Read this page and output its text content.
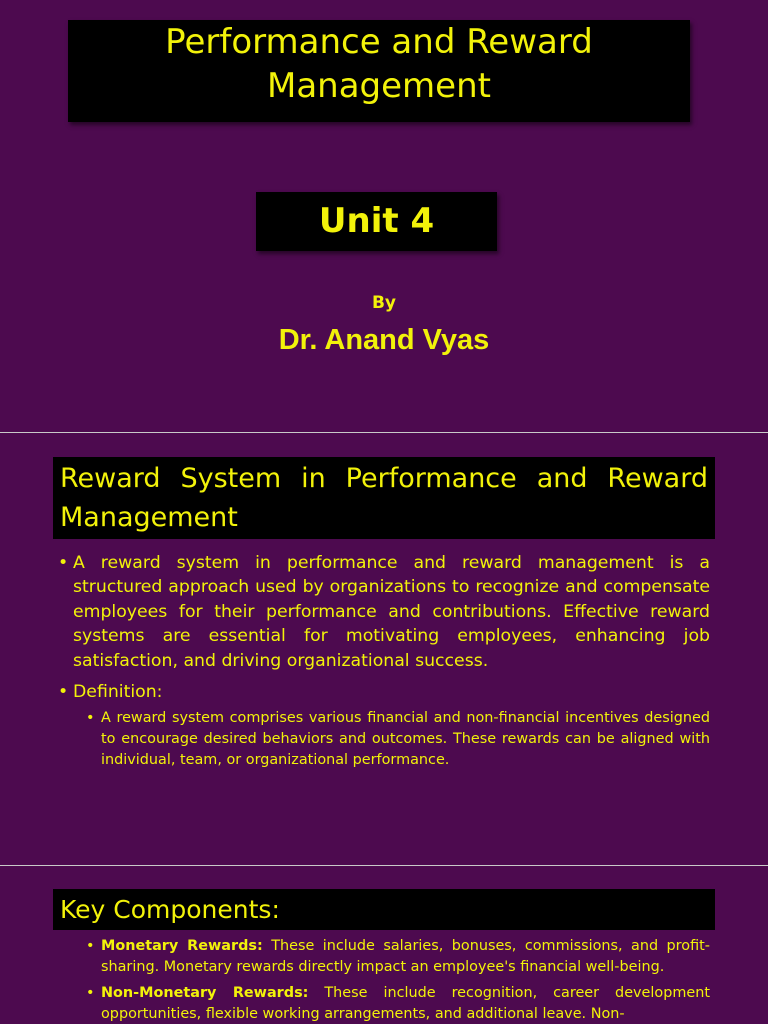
Performance and Reward
Management
Unit 4
By
Dr. Anand Vyas
Reward System in Performance and Reward Management
• A reward system in performance and reward management is a structured approach used by organizations to recognize and compensate employees for their performance and contributions. Effective reward systems are essential for motivating employees, enhancing job satisfaction, and driving organizational success.
• Definition:
• A reward system comprises various financial and non-financial incentives designed to encourage desired behaviors and outcomes. These rewards can be aligned with individual, team, or organizational performance.
Key Components:
• Monetary Rewards: These include salaries, bonuses, commissions, and profit-sharing. Monetary rewards directly impact an employee's financial well-being.
• Non-Monetary Rewards: These include recognition, career development opportunities, flexible working arrangements, and additional leave. Non-
